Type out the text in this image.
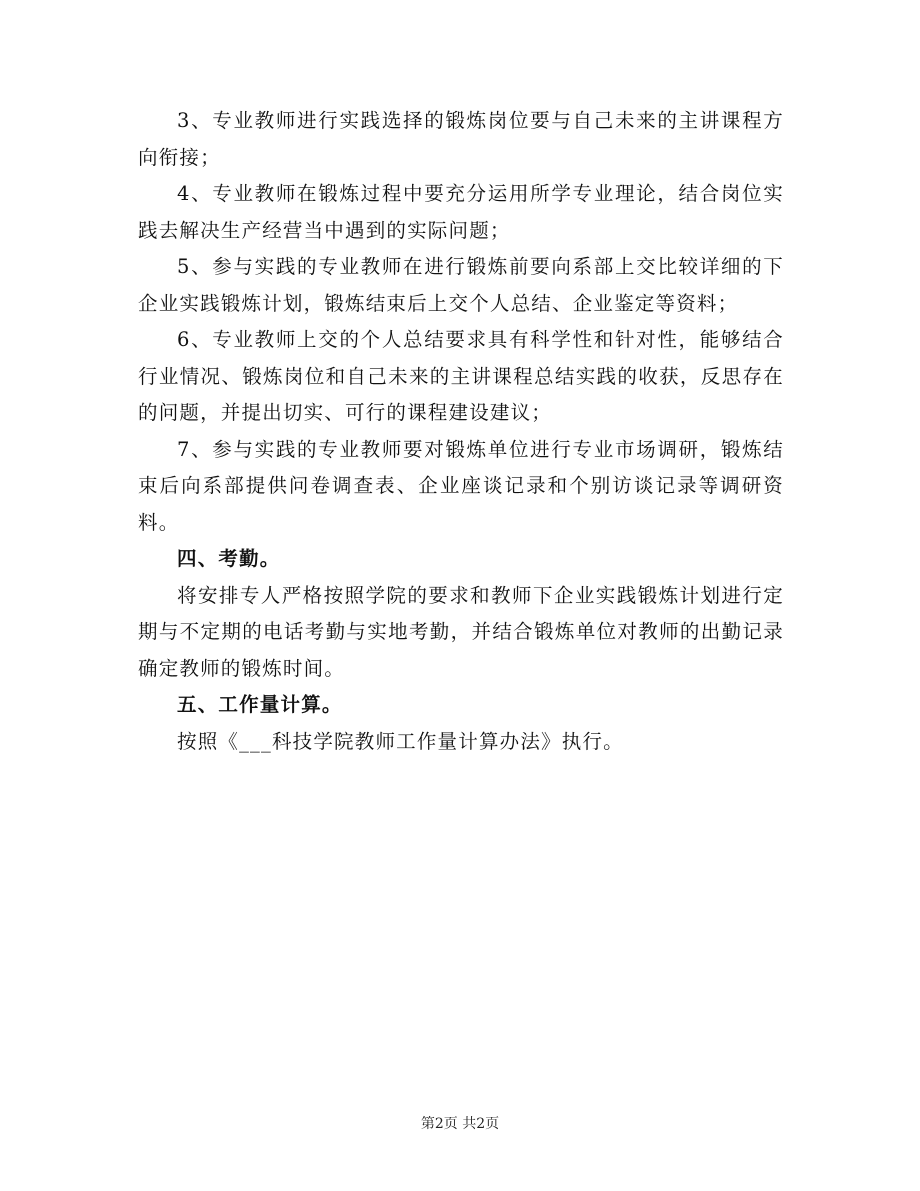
3、专业教师进行实践选择的锻炼岗位要与自己未来的主讲课程方向衔接；

4、专业教师在锻炼过程中要充分运用所学专业理论，结合岗位实践去解决生产经营当中遇到的实际问题；

5、参与实践的专业教师在进行锻炼前要向系部上交比较详细的下企业实践锻炼计划，锻炼结束后上交个人总结、企业鉴定等资料；

6、专业教师上交的个人总结要求具有科学性和针对性，能够结合行业情况、锻炼岗位和自己未来的主讲课程总结实践的收获，反思存在的问题，并提出切实、可行的课程建设建议；

7、参与实践的专业教师要对锻炼单位进行专业市场调研，锻炼结束后向系部提供问卷调查表、企业座谈记录和个别访谈记录等调研资料。

四、考勤。

将安排专人严格按照学院的要求和教师下企业实践锻炼计划进行定期与不定期的电话考勤与实地考勤，并结合锻炼单位对教师的出勤记录确定教师的锻炼时间。

五、工作量计算。

按照《___科技学院教师工作量计算办法》执行。

第2页 共2页
